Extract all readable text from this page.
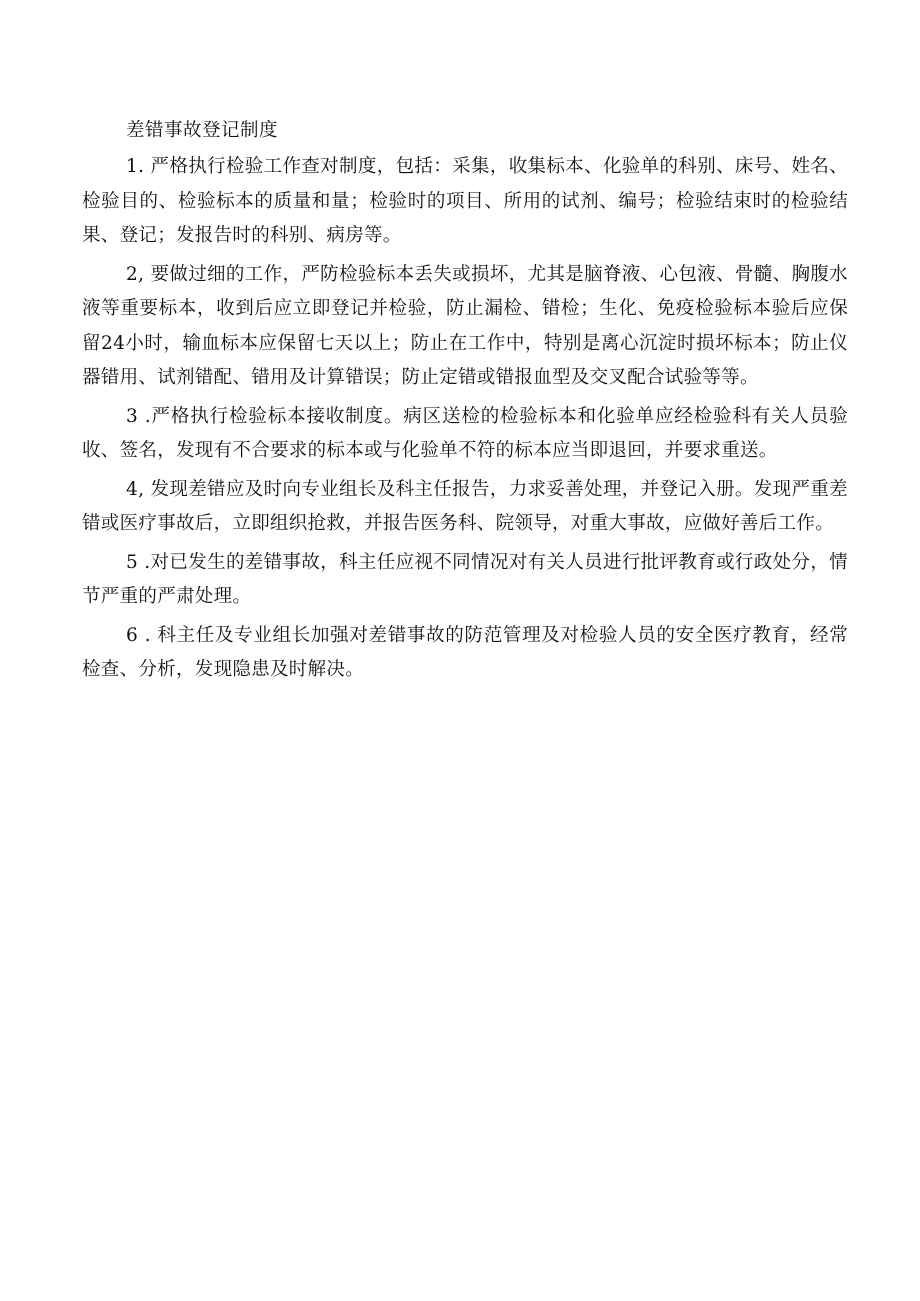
差错事故登记制度

1. 严格执行检验工作查对制度，包括：采集，收集标本、化验单的科别、床号、姓名、检验目的、检验标本的质量和量；检验时的项目、所用的试剂、编号；检验结束时的检验结果、登记；发报告时的科别、病房等。

2, 要做过细的工作，严防检验标本丢失或损坏，尤其是脑脊液、心包液、骨髓、胸腹水液等重要标本，收到后应立即登记并检验，防止漏检、错检；生化、免疫检验标本验后应保留24小时，输血标本应保留七天以上；防止在工作中，特别是离心沉淀时损坏标本；防止仪器错用、试剂错配、错用及计算错误；防止定错或错报血型及交叉配合试验等等。

3 .严格执行检验标本接收制度。病区送检的检验标本和化验单应经检验科有关人员验收、签名，发现有不合要求的标本或与化验单不符的标本应当即退回，并要求重送。

4, 发现差错应及时向专业组长及科主任报告，力求妥善处理，并登记入册。发现严重差错或医疗事故后，立即组织抢救，并报告医务科、院领导，对重大事故，应做好善后工作。

5 .对已发生的差错事故，科主任应视不同情况对有关人员进行批评教育或行政处分，情节严重的严肃处理。

6 . 科主任及专业组长加强对差错事故的防范管理及对检验人员的安全医疗教育，经常检查、分析，发现隐患及时解决。
